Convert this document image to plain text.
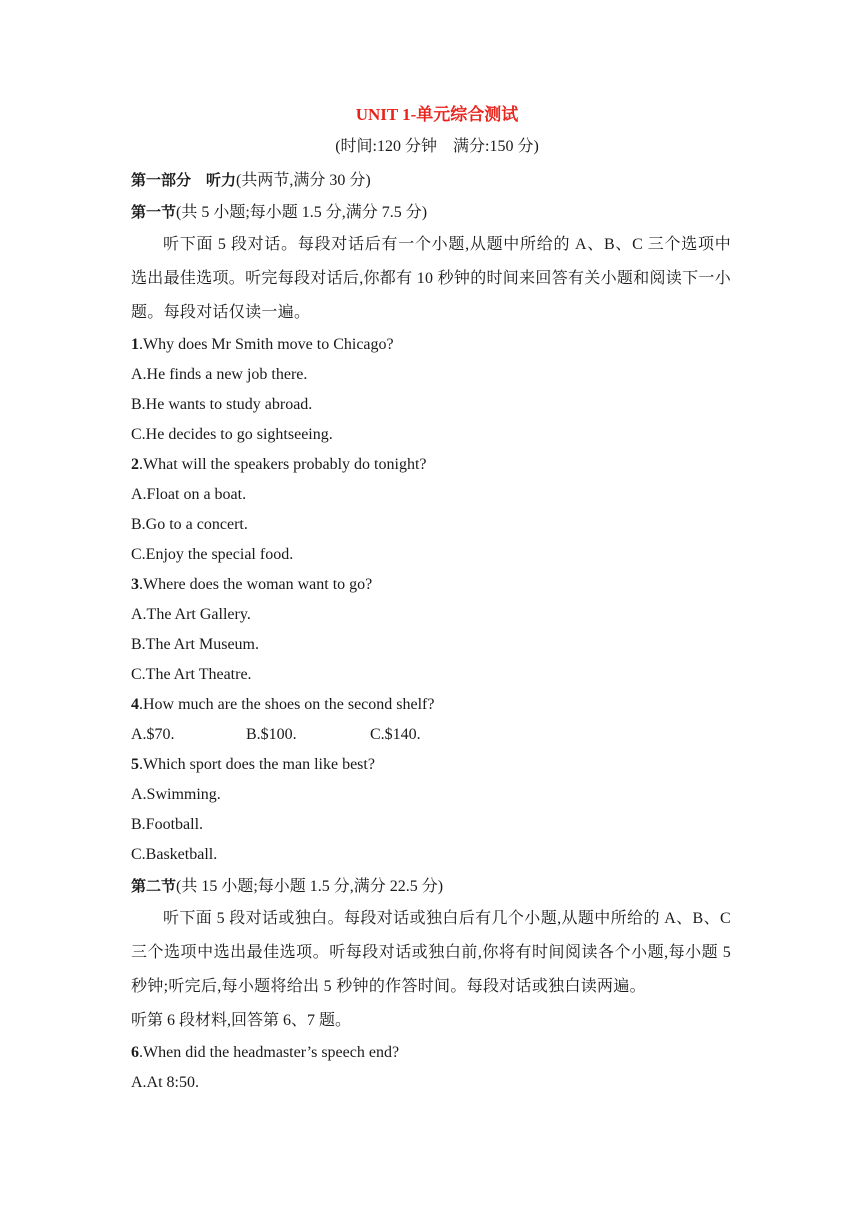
UNIT 1-单元综合测试
(时间:120 分钟　满分:150 分)
第一部分　听力(共两节,满分 30 分)
第一节(共 5 小题;每小题 1.5 分,满分 7.5 分)

听下面 5 段对话。每段对话后有一个小题,从题中所给的 A、B、C 三个选项中选出最佳选项。听完每段对话后,你都有 10 秒钟的时间来回答有关小题和阅读下一小题。每段对话仅读一遍。

1.Why does Mr Smith move to Chicago?
A.He finds a new job there.
B.He wants to study abroad.
C.He decides to go sightseeing.
2.What will the speakers probably do tonight?
A.Float on a boat.
B.Go to a concert.
C.Enjoy the special food.
3.Where does the woman want to go?
A.The Art Gallery.
B.The Art Museum.
C.The Art Theatre.
4.How much are the shoes on the second shelf?
A.$70.	B.$100.	C.$140.
5.Which sport does the man like best?
A.Swimming.
B.Football.
C.Basketball.
第二节(共 15 小题;每小题 1.5 分,满分 22.5 分)

听下面 5 段对话或独白。每段对话或独白后有几个小题,从题中所给的 A、B、C 三个选项中选出最佳选项。听每段对话或独白前,你将有时间阅读各个小题,每小题 5 秒钟;听完后,每小题将给出 5 秒钟的作答时间。每段对话或独白读两遍。

听第 6 段材料,回答第 6、7 题。
6.When did the headmaster’s speech end?
A.At 8:50.
